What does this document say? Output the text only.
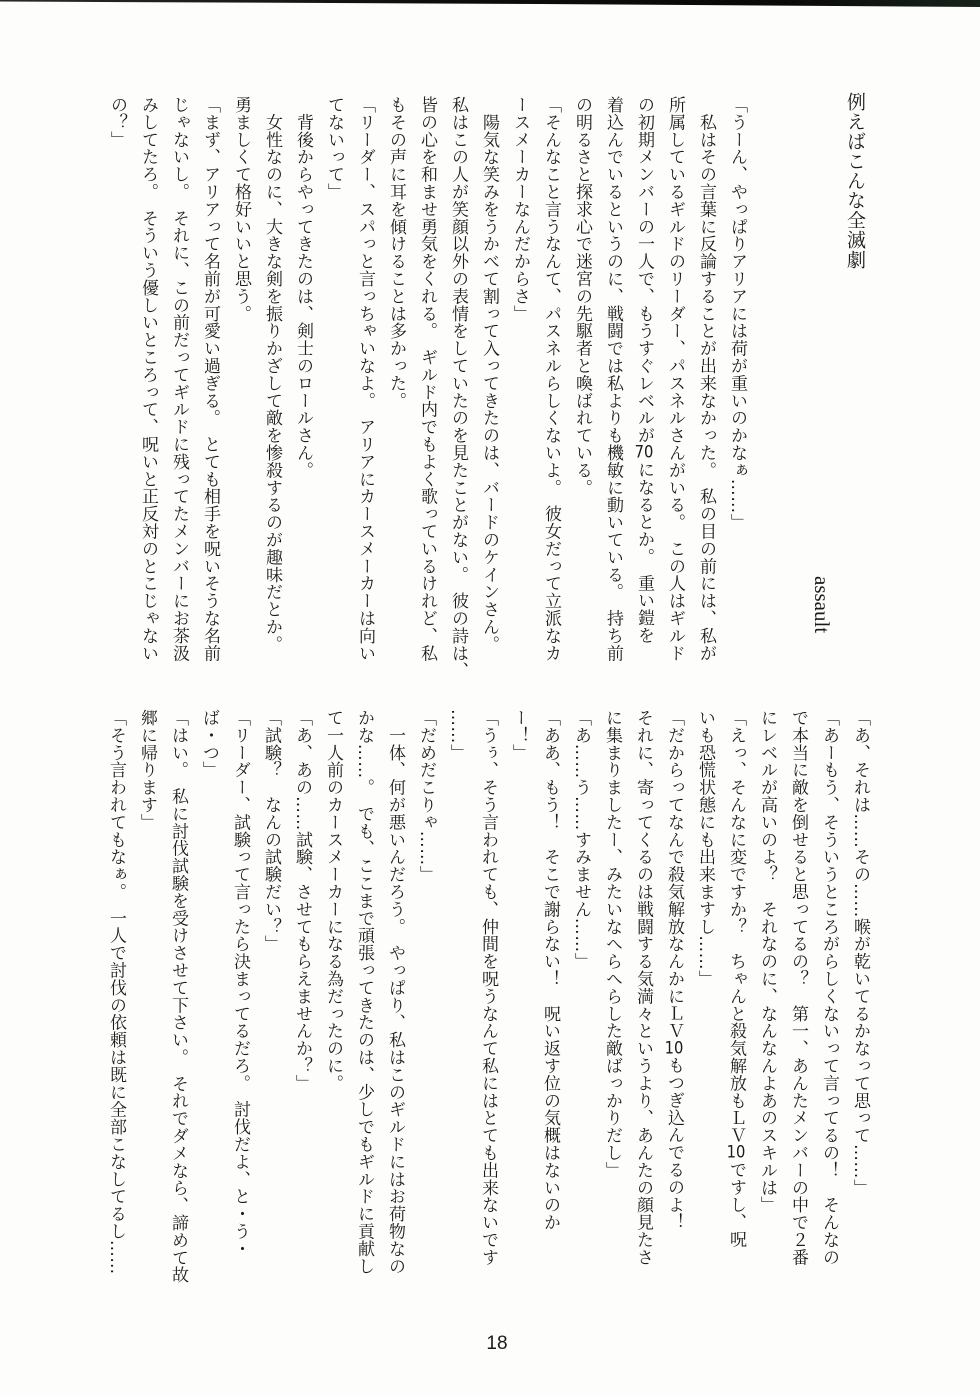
例えばこんな全滅劇
assault
「うーん、やっぱりアリアには荷が重いのかなぁ……」
　私はその言葉に反論することが出来なかった。　私の目の前には、私が
所属しているギルドのリーダー、パスネルさんがいる。　この人はギルド
の初期メンバーの一人で、もうすぐレベルが70になるとか。　重い鎧を
着込んでいるというのに、戦闘では私よりも機敏に動いている。　持ち前
の明るさと探求心で迷宮の先駆者と喚ばれている。
「そんなこと言うなんて、パスネルらしくないよ。　彼女だって立派なカ
ースメーカーなんだからさ」
　陽気な笑みをうかべて割って入ってきたのは、バードのケインさん。
私はこの人が笑顔以外の表情をしていたのを見たことがない。　彼の詩は、
皆の心を和ませ勇気をくれる。　ギルド内でもよく歌っているけれど、私
もその声に耳を傾けることは多かった。
「リーダー、スパっと言っちゃいなよ。　アリアにカースメーカーは向い
てないって」
　背後からやってきたのは、剣士のロールさん。
　女性なのに、大きな剣を振りかざして敵を惨殺するのが趣味だとか。
勇ましくて格好いいと思う。
「まず、アリアって名前が可愛い過ぎる。　とても相手を呪いそうな名前
じゃないし。　それに、この前だってギルドに残ってたメンバーにお茶汲
みしてたろ。　そういう優しいところって、呪いと正反対のとこじゃない
の？」
「あ、それは……その……喉が乾いてるかなって思って……」
「あーもう、そういうところがらしくないって言ってるの！　そんなの
で本当に敵を倒せると思ってるの？　第一、あんたメンバーの中で２番
にレベルが高いのよ？　それなのに、なんなんよあのスキルは」
「えっ、そんなに変ですか？　ちゃんと殺気解放もＬＶ10ですし、呪
いも恐慌状態にも出来ますし……」
「だからってなんで殺気解放なんかにＬＶ10もつぎ込んでるのよ！
それに、寄ってくるのは戦闘する気満々というより、あんたの顔見たさ
に集まりましたー、みたいなへらへらした敵ばっかりだし」
「あ……う……すみません……」
「ああ、もう！　そこで謝らない！　呪い返す位の気概はないのか
ー！」
「うぅ、そう言われても、仲間を呪うなんて私にはとても出来ないです
……」
「だめだこりゃ……」
　一体、何が悪いんだろう。　やっぱり、私はこのギルドにはお荷物なの
かな……。　でも、ここまで頑張ってきたのは、少しでもギルドに貢献し
て一人前のカースメーカーになる為だったのに。
「あ、あの……試験、させてもらえませんか？」
「試験？　なんの試験だい？」
「リーダー、試験って言ったら決まってるだろ。　討伐だよ、と・う・
ば・つ」
「はい。　私に討伐試験を受けさせて下さい。　それでダメなら、諦めて故
郷に帰ります」
「そう言われてもなぁ。　一人で討伐の依頼は既に全部こなしてるし……
18
